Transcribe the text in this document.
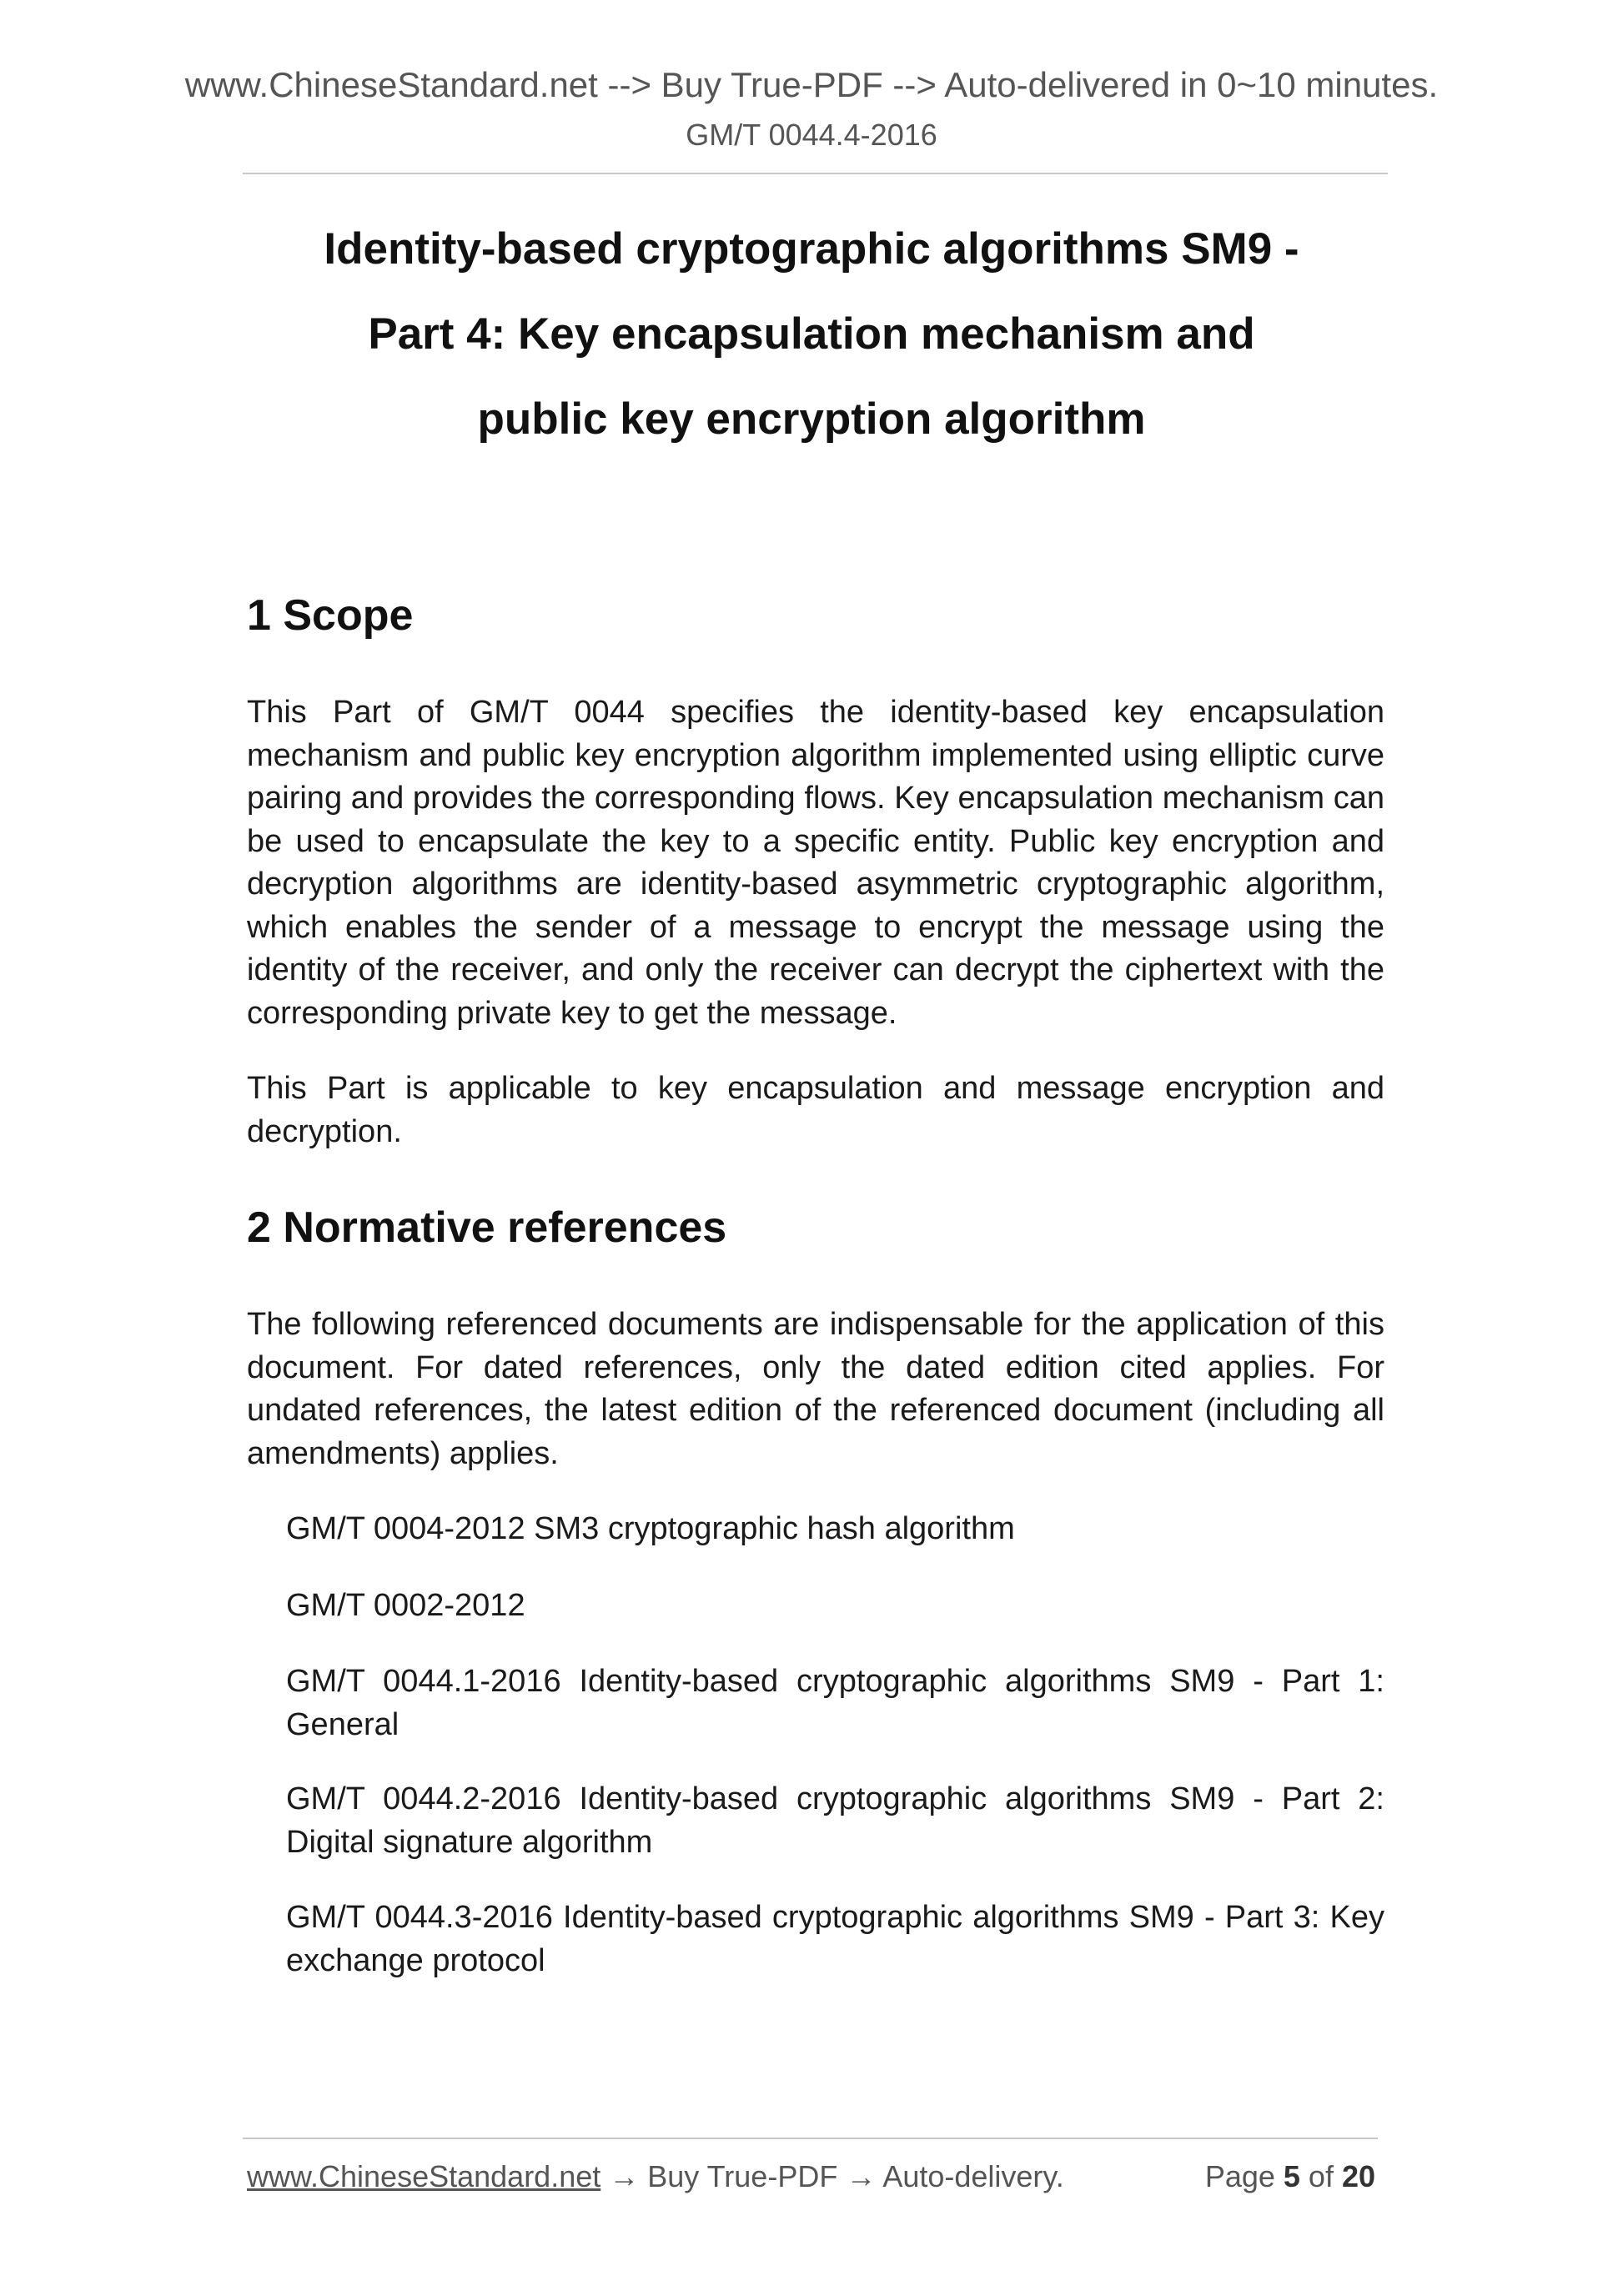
www.ChineseStandard.net --> Buy True-PDF --> Auto-delivered in 0~10 minutes.
GM/T 0044.4-2016
Identity-based cryptographic algorithms SM9 -
Part 4: Key encapsulation mechanism and
public key encryption algorithm
1 Scope

This Part of GM/T 0044 specifies the identity-based key encapsulation mechanism and public key encryption algorithm implemented using elliptic curve pairing and provides the corresponding flows. Key encapsulation mechanism can be used to encapsulate the key to a specific entity. Public key encryption and decryption algorithms are identity-based asymmetric cryptographic algorithm, which enables the sender of a message to encrypt the message using the identity of the receiver, and only the receiver can decrypt the ciphertext with the corresponding private key to get the message.

This Part is applicable to key encapsulation and message encryption and decryption.

2 Normative references

The following referenced documents are indispensable for the application of this document. For dated references, only the dated edition cited applies. For undated references, the latest edition of the referenced document (including all amendments) applies.

GM/T 0004-2012 SM3 cryptographic hash algorithm

GM/T 0002-2012

GM/T 0044.1-2016 Identity-based cryptographic algorithms SM9 - Part 1: General

GM/T 0044.2-2016 Identity-based cryptographic algorithms SM9 - Part 2: Digital signature algorithm

GM/T 0044.3-2016 Identity-based cryptographic algorithms SM9 - Part 3: Key exchange protocol

www.ChineseStandard.net → Buy True-PDF → Auto-delivery.	Page 5 of 20
